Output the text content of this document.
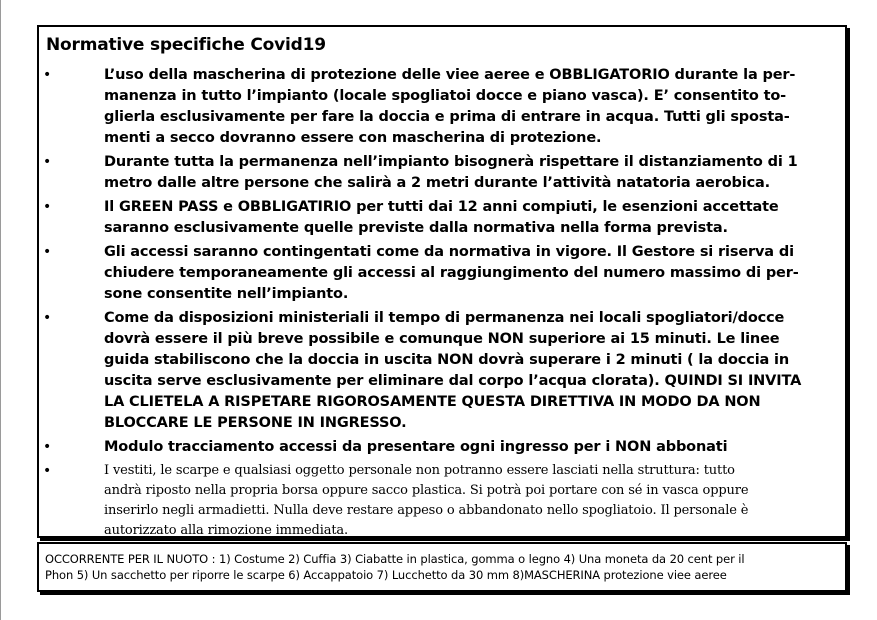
Normative specifiche Covid19
•	L’uso della mascherina di protezione delle viee aeree e OBBLIGATORIO durante la per-
manenza in tutto l’impianto (locale spogliatoi docce e piano vasca). E’ consentito to-
glierla esclusivamente per fare la doccia e prima di entrare in acqua. Tutti gli sposta-
menti a secco dovranno essere con mascherina di protezione.
•	Durante tutta la permanenza nell’impianto bisognerà rispettare il distanziamento di 1
metro dalle altre persone che salirà a 2 metri durante l’attività natatoria aerobica.
•	Il GREEN PASS e OBBLIGATIRIO per tutti dai 12 anni compiuti, le esenzioni accettate
saranno esclusivamente quelle previste dalla normativa nella forma prevista.
•	Gli accessi saranno contingentati come da normativa in vigore. Il Gestore si riserva di
chiudere temporaneamente gli accessi al raggiungimento del numero massimo di per-
sone consentite nell’impianto.
•	Come da disposizioni ministeriali il tempo di permanenza nei locali spogliatori/docce
dovrà essere il più breve possibile e comunque NON superiore ai 15 minuti. Le linee
guida stabiliscono che la doccia in uscita NON dovrà superare i 2 minuti ( la doccia in
uscita serve esclusivamente per eliminare dal corpo l’acqua clorata). QUINDI SI INVITA
LA CLIETELA A RISPETARE RIGOROSAMENTE QUESTA DIRETTIVA IN MODO DA NON
BLOCCARE LE PERSONE IN INGRESSO.
•	Modulo tracciamento accessi da presentare ogni ingresso per i NON abbonati
•	I vestiti, le scarpe e qualsiasi oggetto personale non potranno essere lasciati nella struttura: tutto
andrà riposto nella propria borsa oppure sacco plastica. Si potrà poi portare con sé in vasca oppure
inserirlo negli armadietti. Nulla deve restare appeso o abbandonato nello spogliatoio. Il personale è
autorizzato alla rimozione immediata.
OCCORRENTE PER IL NUOTO : 1) Costume 2) Cuffia 3) Ciabatte in plastica, gomma o legno 4) Una moneta da 20 cent per il
Phon 5) Un sacchetto per riporre le scarpe 6) Accappatoio 7) Lucchetto da 30 mm 8)MASCHERINA protezione viee aeree
